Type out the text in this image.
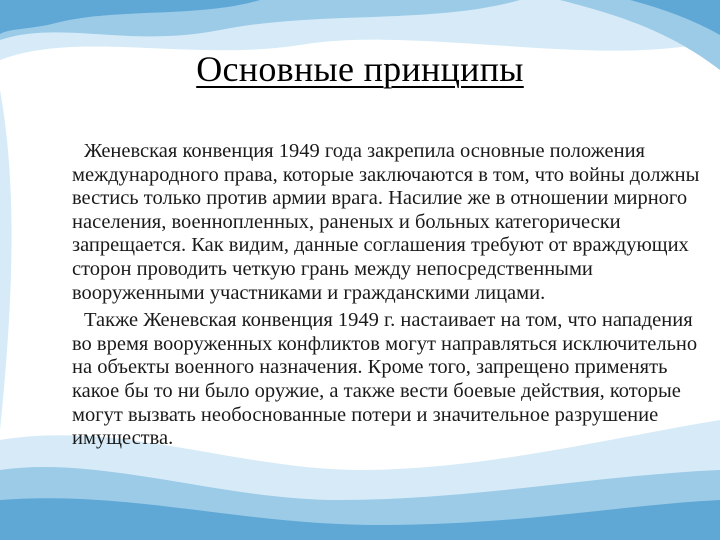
Основные принципы

Женевская конвенция 1949 года закрепила основные положения международного права, которые заключаются в том, что войны должны вестись только против армии врага. Насилие же в отношении мирного населения, военнопленных, раненых и больных категорически запрещается. Как видим, данные соглашения требуют от враждующих сторон проводить четкую грань между непосредственными вооруженными участниками и гражданскими лицами.

Также Женевская конвенция 1949 г. настаивает на том, что нападения во время вооруженных конфликтов могут направляться исключительно на объекты военного назначения. Кроме того, запрещено применять какое бы то ни было оружие, а также вести боевые действия, которые могут вызвать необоснованные потери и значительное разрушение имущества.
